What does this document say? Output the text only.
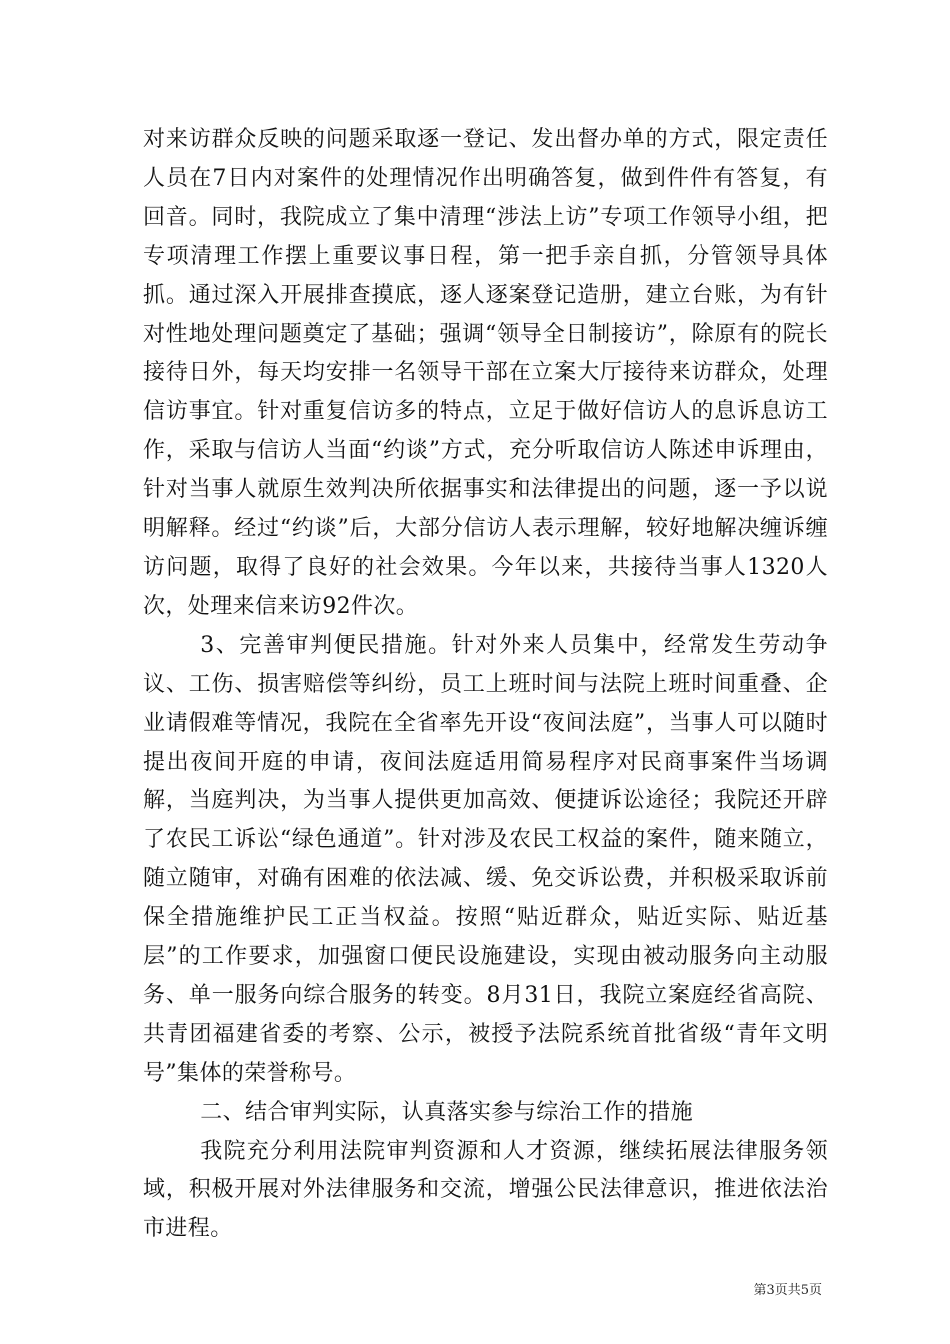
对来访群众反映的问题采取逐一登记、发出督办单的方式，限定责任人员在7日内对案件的处理情况作出明确答复，做到件件有答复，有回音。同时，我院成立了集中清理“涉法上访”专项工作领导小组，把专项清理工作摆上重要议事日程，第一把手亲自抓，分管领导具体抓。通过深入开展排查摸底，逐人逐案登记造册，建立台账，为有针对性地处理问题奠定了基础；强调“领导全日制接访”，除原有的院长接待日外，每天均安排一名领导干部在立案大厅接待来访群众，处理信访事宜。针对重复信访多的特点，立足于做好信访人的息诉息访工作，采取与信访人当面“约谈”方式，充分听取信访人陈述申诉理由，针对当事人就原生效判决所依据事实和法律提出的问题，逐一予以说明解释。经过“约谈”后，大部分信访人表示理解，较好地解决缠诉缠访问题，取得了良好的社会效果。今年以来，共接待当事人1320人次，处理来信来访92件次。

3、完善审判便民措施。针对外来人员集中，经常发生劳动争议、工伤、损害赔偿等纠纷，员工上班时间与法院上班时间重叠、企业请假难等情况，我院在全省率先开设“夜间法庭”，当事人可以随时提出夜间开庭的申请，夜间法庭适用简易程序对民商事案件当场调解，当庭判决，为当事人提供更加高效、便捷诉讼途径；我院还开辟了农民工诉讼“绿色通道”。针对涉及农民工权益的案件，随来随立，随立随审，对确有困难的依法减、缓、免交诉讼费，并积极采取诉前保全措施维护民工正当权益。按照“贴近群众，贴近实际、贴近基层”的工作要求，加强窗口便民设施建设，实现由被动服务向主动服务、单一服务向综合服务的转变。8月31日，我院立案庭经省高院、共青团福建省委的考察、公示，被授予法院系统首批省级“青年文明号”集体的荣誉称号。

二、结合审判实际，认真落实参与综治工作的措施

我院充分利用法院审判资源和人才资源，继续拓展法律服务领域，积极开展对外法律服务和交流，增强公民法律意识，推进依法治市进程。

第3页共5页
